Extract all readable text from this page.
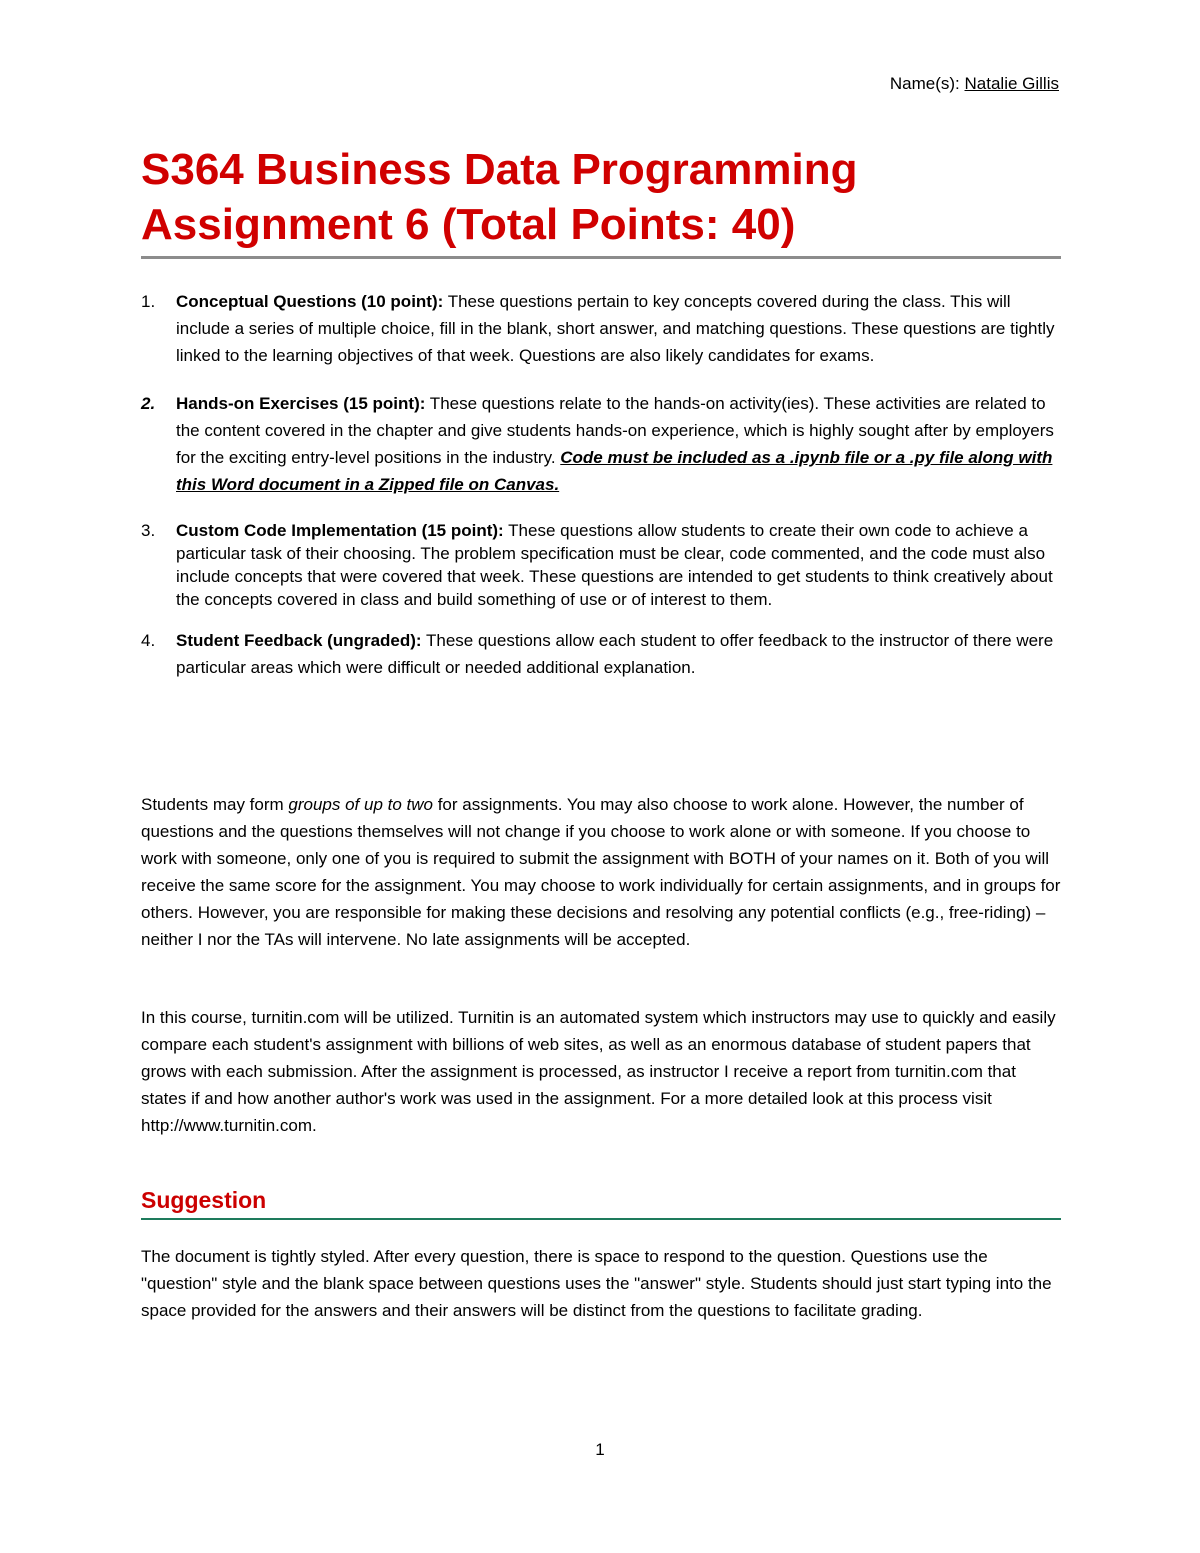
Name(s): Natalie Gillis
S364 Business Data Programming
Assignment 6 (Total Points: 40)
1. Conceptual Questions (10 point): These questions pertain to key concepts covered during the class. This will include a series of multiple choice, fill in the blank, short answer, and matching questions. These questions are tightly linked to the learning objectives of that week. Questions are also likely candidates for exams.
2. Hands-on Exercises (15 point): These questions relate to the hands-on activity(ies). These activities are related to the content covered in the chapter and give students hands-on experience, which is highly sought after by employers for the exciting entry-level positions in the industry. Code must be included as a .ipynb file or a .py file along with this Word document in a Zipped file on Canvas.
3. Custom Code Implementation (15 point): These questions allow students to create their own code to achieve a particular task of their choosing. The problem specification must be clear, code commented, and the code must also include concepts that were covered that week. These questions are intended to get students to think creatively about the concepts covered in class and build something of use or of interest to them.
4. Student Feedback (ungraded): These questions allow each student to offer feedback to the instructor of there were particular areas which were difficult or needed additional explanation.

Students may form groups of up to two for assignments. You may also choose to work alone. However, the number of questions and the questions themselves will not change if you choose to work alone or with someone. If you choose to work with someone, only one of you is required to submit the assignment with BOTH of your names on it. Both of you will receive the same score for the assignment. You may choose to work individually for certain assignments, and in groups for others. However, you are responsible for making these decisions and resolving any potential conflicts (e.g., free-riding) – neither I nor the TAs will intervene. No late assignments will be accepted.

In this course, turnitin.com will be utilized. Turnitin is an automated system which instructors may use to quickly and easily compare each student's assignment with billions of web sites, as well as an enormous database of student papers that grows with each submission. After the assignment is processed, as instructor I receive a report from turnitin.com that states if and how another author's work was used in the assignment. For a more detailed look at this process visit http://www.turnitin.com.

Suggestion

The document is tightly styled. After every question, there is space to respond to the question. Questions use the "question" style and the blank space between questions uses the "answer" style. Students should just start typing into the space provided for the answers and their answers will be distinct from the questions to facilitate grading.

1
